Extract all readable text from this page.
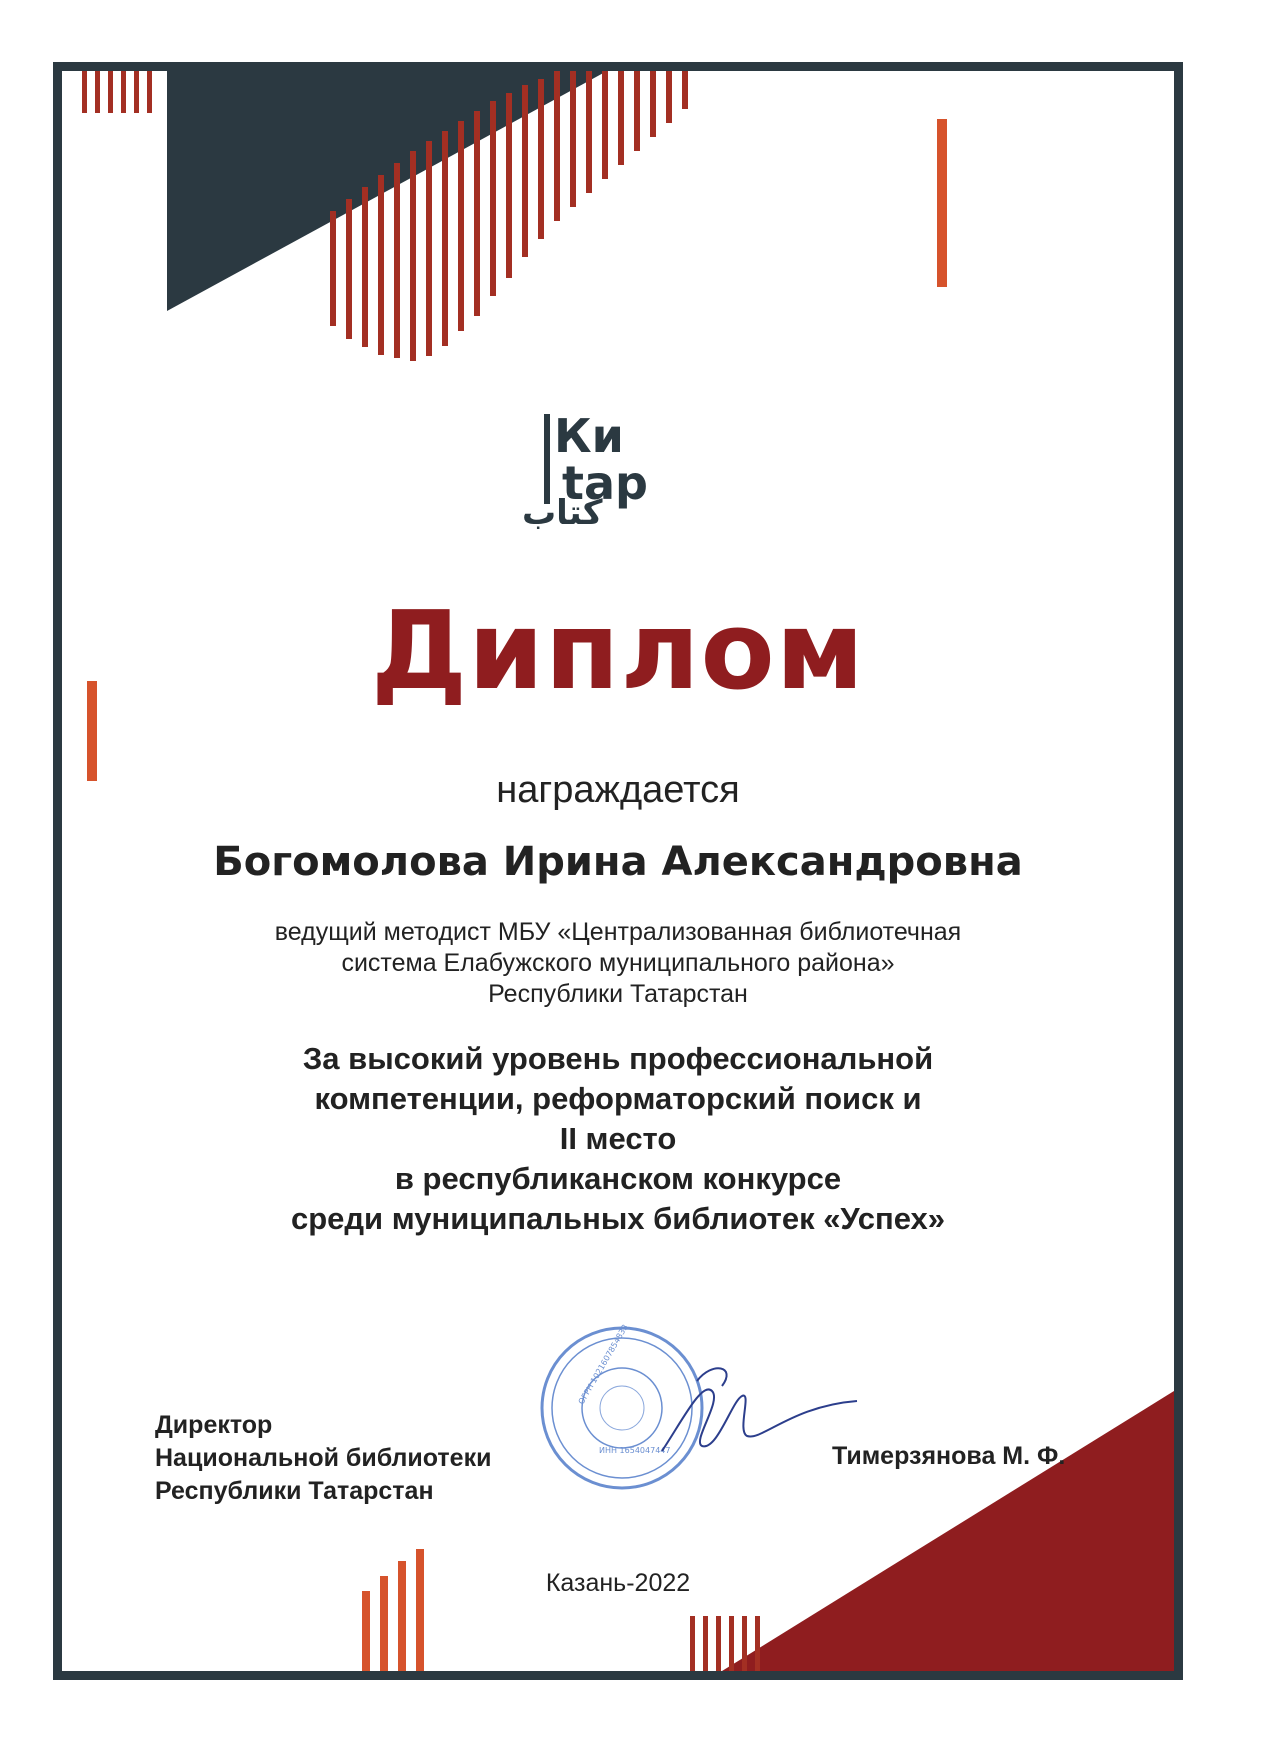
Ки
tap
ﻛﺘﺎﺏ
Диплом
награждается
Богомолова Ирина Александровна
ведущий методист МБУ «Централизованная библиотечная
система Елабужского муниципального района»
Республики Татарстан
За высокий уровень профессиональной
компетенции, реформаторский поиск и
II место
в республиканском конкурсе
среди муниципальных библиотек «Успех»
ОГРН 1021607854833
ИНН 1654047447
Директор
Национальной библиотеки
Республики Татарстан
Тимерзянова М. Ф.
Казань-2022
